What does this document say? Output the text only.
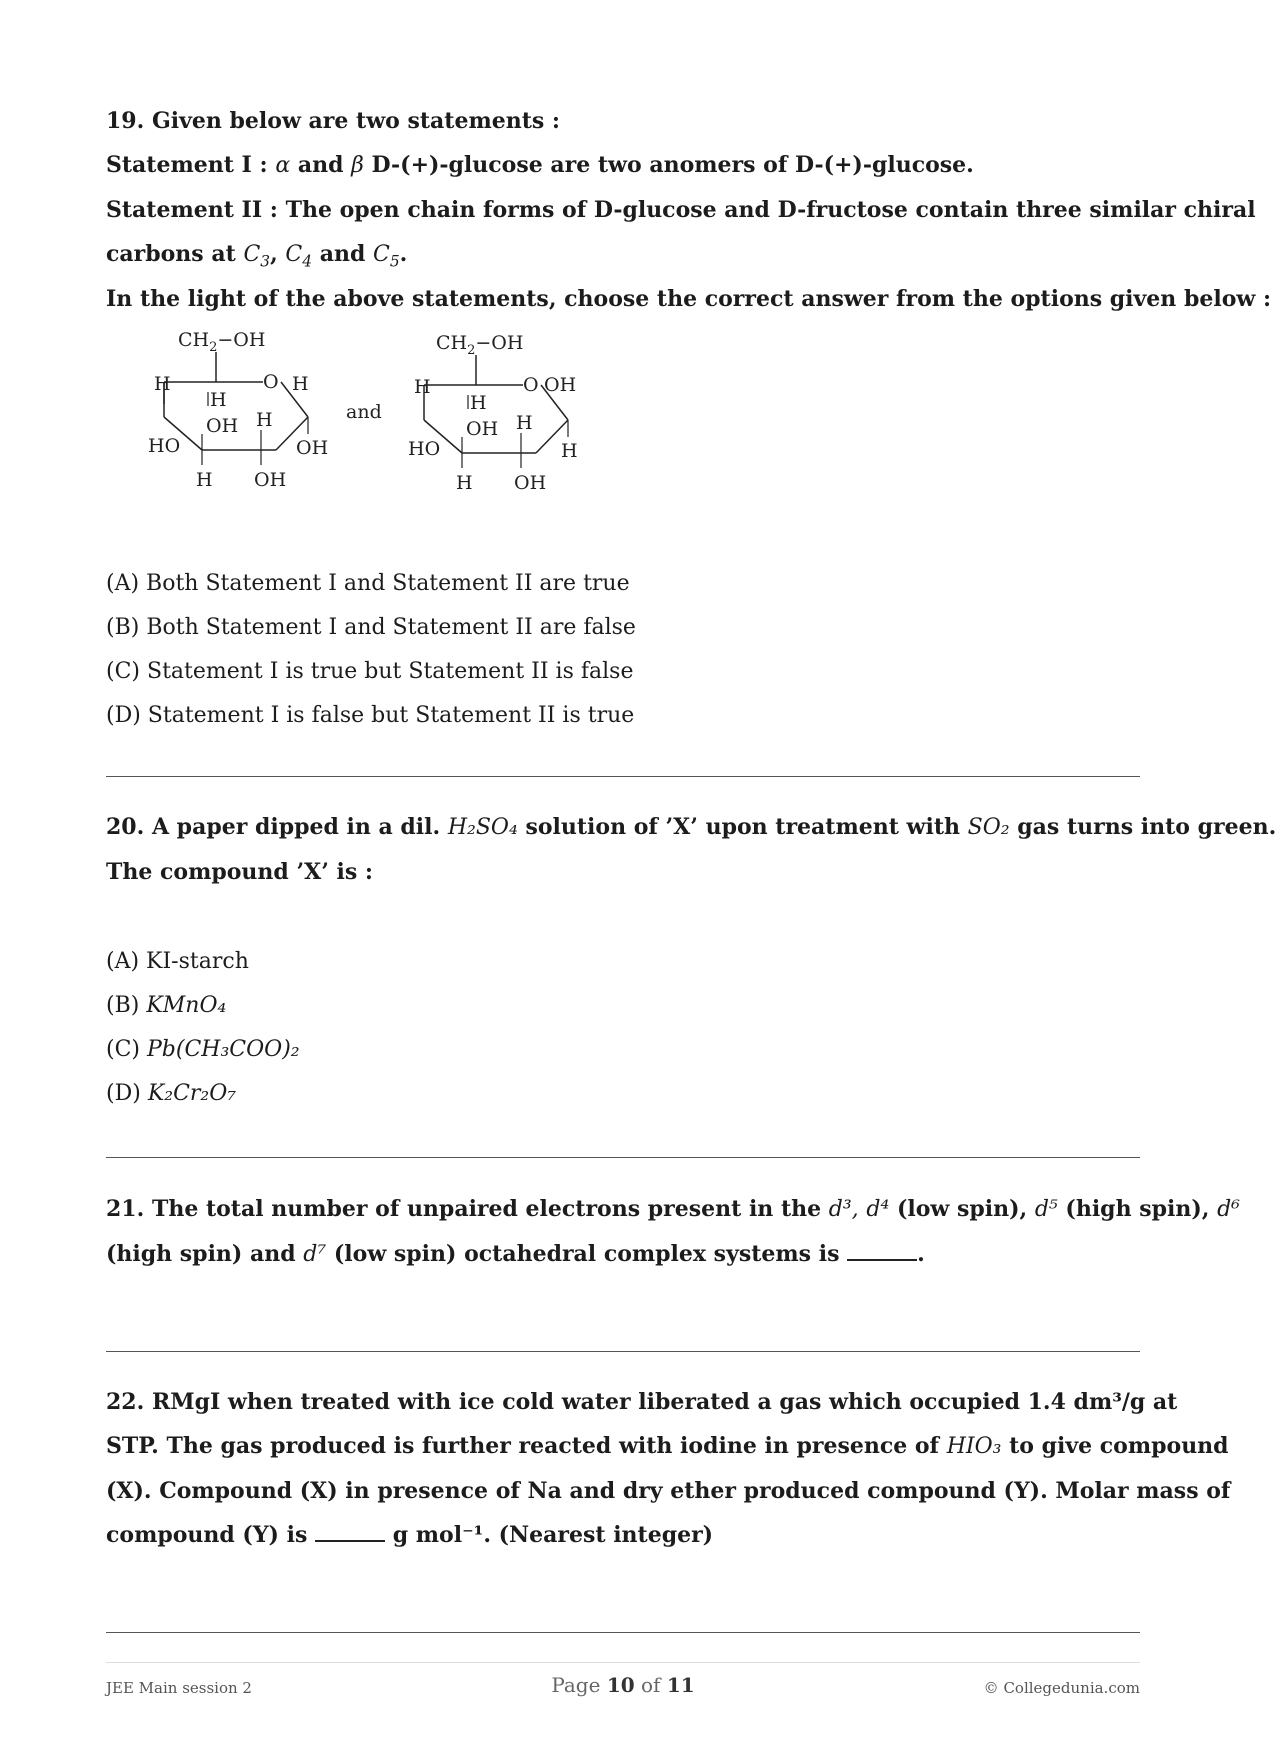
19. Given below are two statements :
Statement I : α and β D-(+)-glucose are two anomers of D-(+)-glucose.
Statement II : The open chain forms of D-glucose and D-fructose contain three similar chiral
carbons at $C_3$, $C_4$ and $C_5$.
In the light of the above statements, choose the correct answer from the options given below :
$CH_2-OH$
O
H
H
OH
HO
H
H
OH
H
OH
and
$CH_2-OH$
O
H
H
OH
HO
H
H
OH
OH
H
(A) Both Statement I and Statement II are true
(B) Both Statement I and Statement II are false
(C) Statement I is true but Statement II is false
(D) Statement I is false but Statement II is true
20. A paper dipped in a dil. H₂SO₄ solution of ’X’ upon treatment with SO₂ gas turns into green.
The compound ’X’ is :
(A) KI-starch
(B) KMnO₄
(C) Pb(CH₃COO)₂
(D) K₂Cr₂O₇
21. The total number of unpaired electrons present in the d³, d⁴ (low spin), d⁵ (high spin), d⁶
(high spin) and d⁷ (low spin) octahedral complex systems is	.
22. RMgI when treated with ice cold water liberated a gas which occupied 1.4 dm³/g at
STP. The gas produced is further reacted with iodine in presence of HIO₃ to give compound
(X). Compound (X) in presence of Na and dry ether produced compound (Y). Molar mass of
compound (Y) is	g mol⁻¹. (Nearest integer)
JEE Main session 2	Page 10 of 11	© Collegedunia.com
